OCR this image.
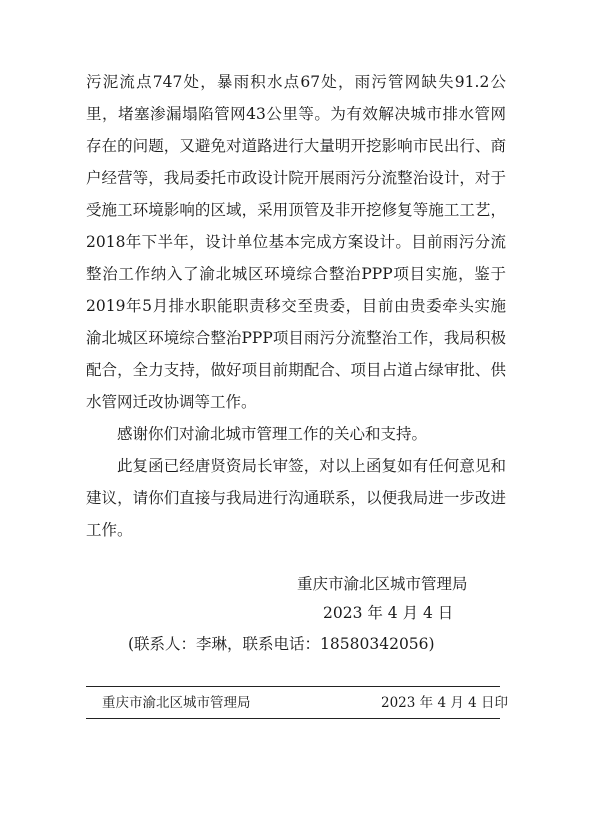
污泥流点747处，暴雨积水点67处，雨污管网缺失91.2公里，堵塞渗漏塌陷管网43公里等。为有效解决城市排水管网存在的问题，又避免对道路进行大量明开挖影响市民出行、商户经营等，我局委托市政设计院开展雨污分流整治设计，对于受施工环境影响的区域，采用顶管及非开挖修复等施工工艺，2018年下半年，设计单位基本完成方案设计。目前雨污分流整治工作纳入了渝北城区环境综合整治PPP项目实施，鉴于2019年5月排水职能职责移交至贵委，目前由贵委牵头实施渝北城区环境综合整治PPP项目雨污分流整治工作，我局积极配合，全力支持，做好项目前期配合、项目占道占绿审批、供水管网迁改协调等工作。

感谢你们对渝北城市管理工作的关心和支持。

此复函已经唐贤资局长审签，对以上函复如有任何意见和建议，请你们直接与我局进行沟通联系，以便我局进一步改进工作。

重庆市渝北区城市管理局
2023 年 4 月 4 日
(联系人：李琳，联系电话：18580342056)
重庆市渝北区城市管理局	2023 年 4 月 4 日印
